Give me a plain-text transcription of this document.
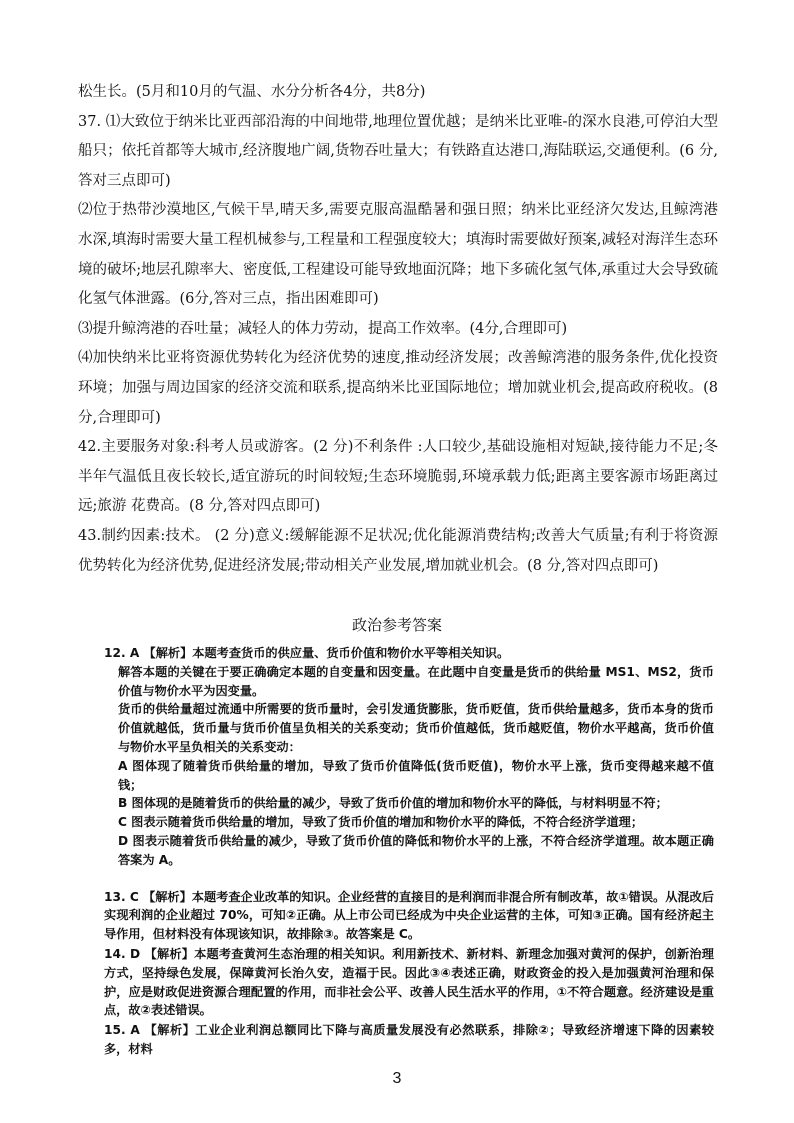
松生长。(5月和10月的气温、水分分析各4分，共8分)

37. ⑴大致位于纳米比亚西部沿海的中间地带,地理位置优越；是纳米比亚唯-的深水良港,可停泊大型船只；依托首都等大城市,经济腹地广阔,货物吞吐量大；有铁路直达港口,海陆联运,交通便利。(6 分,答对三点即可)

⑵位于热带沙漠地区,气候干旱,晴天多,需要克服高温酷暑和强日照；纳米比亚经济欠发达,且鲸湾港水深,填海时需要大量工程机械参与,工程量和工程强度较大；填海时需要做好预案,减轻对海洋生态环境的破坏;地层孔隙率大、密度低,工程建设可能导致地面沉降；地下多硫化氢气体,承重过大会导致硫化氢气体泄露。(6分,答对三点，指出困难即可)

⑶提升鲸湾港的吞吐量；减轻人的体力劳动，提高工作效率。(4分,合理即可)

⑷加快纳米比亚将资源优势转化为经济优势的速度,推动经济发展；改善鲸湾港的服务条件,优化投资环境；加强与周边国家的经济交流和联系,提高纳米比亚国际地位；增加就业机会,提高政府税收。(8 分,合理即可)

42.主要服务对象:科考人员或游客。(2 分)不利条件 :人口较少,基础设施相对短缺,接待能力不足;冬半年气温低且夜长较长,适宜游玩的时间较短;生态环境脆弱,环境承载力低;距离主要客源市场距离过远;旅游 花费高。(8 分,答对四点即可)

43.制约因素:技术。 (2 分)意义:缓解能源不足状况;优化能源消费结构;改善大气质量;有利于将资源优势转化为经济优势,促进经济发展;带动相关产业发展,增加就业机会。(8 分,答对四点即可)

政治参考答案

12. A 【解析】本题考查货币的供应量、货币价值和物价水平等相关知识。

解答本题的关键在于要正确确定本题的自变量和因变量。在此题中自变量是货币的供给量 MS1、MS2，货币价值与物价水平为因变量。

货币的供给量超过流通中所需要的货币量时，会引发通货膨胀，货币贬值，货币供给量越多，货币本身的货币价值就越低，货币量与货币价值呈负相关的关系变动；货币价值越低，货币越贬值，物价水平越高，货币价值与物价水平呈负相关的关系变动：

A 图体现了随着货币供给量的增加，导致了货币价值降低(货币贬值)，物价水平上涨，货币变得越来越不值钱；

B 图体现的是随着货币的供给量的减少，导致了货币价值的增加和物价水平的降低，与材料明显不符；

C 图表示随着货币供给量的增加，导致了货币价值的增加和物价水平的降低，不符合经济学道理；

D 图表示随着货币供给量的减少，导致了货币价值的降低和物价水平的上涨，不符合经济学道理。故本题正确答案为 A。

13. C 【解析】本题考查企业改革的知识。企业经营的直接目的是利润而非混合所有制改革，故①错误。从混改后实现利润的企业超过 70%，可知②正确。从上市公司已经成为中央企业运营的主体，可知③正确。国有经济起主导作用，但材料没有体现该知识，故排除③。故答案是 C。

14. D 【解析】本题考查黄河生态治理的相关知识。利用新技术、新材料、新理念加强对黄河的保护，创新治理方式，坚持绿色发展，保障黄河长治久安，造福于民。因此③④表述正确，财政资金的投入是加强黄河治理和保护，应是财政促进资源合理配置的作用，而非社会公平、改善人民生活水平的作用，①不符合题意。经济建设是重点，故②表述错误。

15. A 【解析】工业企业利润总额同比下降与高质量发展没有必然联系，排除②；导致经济增速下降的因素较多，材料

3
